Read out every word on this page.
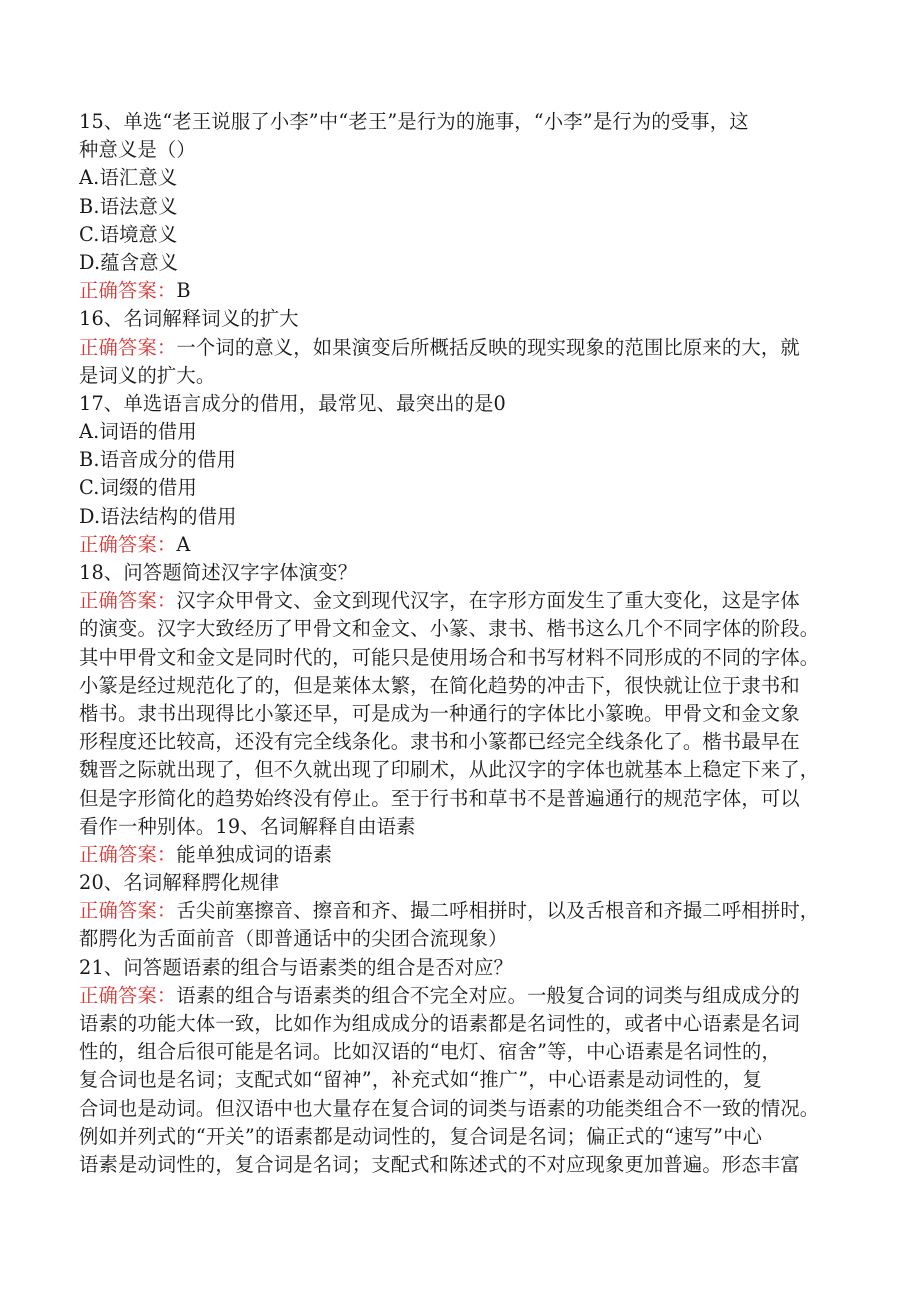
15、单选“老王说服了小李”中“老王”是行为的施事，“小李”是行为的受事，这
种意义是（）
A.语汇意义
B.语法意义
C.语境意义
D.蕴含意义
正确答案：B
16、名词解释词义的扩大
正确答案：一个词的意义，如果演变后所概括反映的现实现象的范围比原来的大，就
是词义的扩大。
17、单选语言成分的借用，最常见、最突出的是0
A.词语的借用
B.语音成分的借用
C.词缀的借用
D.语法结构的借用
正确答案：A
18、问答题简述汉字字体演变？
正确答案：汉字众甲骨文、金文到现代汉字，在字形方面发生了重大变化，这是字体
的演变。汉字大致经历了甲骨文和金文、小篆、隶书、楷书这么几个不同字体的阶段。
其中甲骨文和金文是同时代的，可能只是使用场合和书写材料不同形成的不同的字体。
小篆是经过规范化了的，但是莱体太繁，在简化趋势的冲击下，很快就让位于隶书和
楷书。隶书出现得比小篆还早，可是成为一种通行的字体比小篆晚。甲骨文和金文象
形程度还比较高，还没有完全线条化。隶书和小篆都已经完全线条化了。楷书最早在
魏晋之际就出现了，但不久就出现了印刷术，从此汉字的字体也就基本上稳定下来了，
但是字形简化的趋势始终没有停止。至于行书和草书不是普遍通行的规范字体，可以
看作一种别体。19、名词解释自由语素
正确答案：能单独成词的语素
20、名词解释腭化规律
正确答案：舌尖前塞擦音、擦音和齐、撮二呼相拼时，以及舌根音和齐撮二呼相拼时，
都腭化为舌面前音（即普通话中的尖团合流现象）
21、问答题语素的组合与语素类的组合是否对应？
正确答案：语素的组合与语素类的组合不完全对应。一般复合词的词类与组成成分的
语素的功能大体一致，比如作为组成成分的语素都是名词性的，或者中心语素是名词
性的，组合后很可能是名词。比如汉语的“电灯、宿舍”等，中心语素是名词性的，
复合词也是名词；支配式如“留神”，补充式如“推广”，中心语素是动词性的，复
合词也是动词。但汉语中也大量存在复合词的词类与语素的功能类组合不一致的情况。
例如并列式的“开关”的语素都是动词性的，复合词是名词；偏正式的“速写”中心
语素是动词性的，复合词是名词；支配式和陈述式的不对应现象更加普遍。形态丰富
